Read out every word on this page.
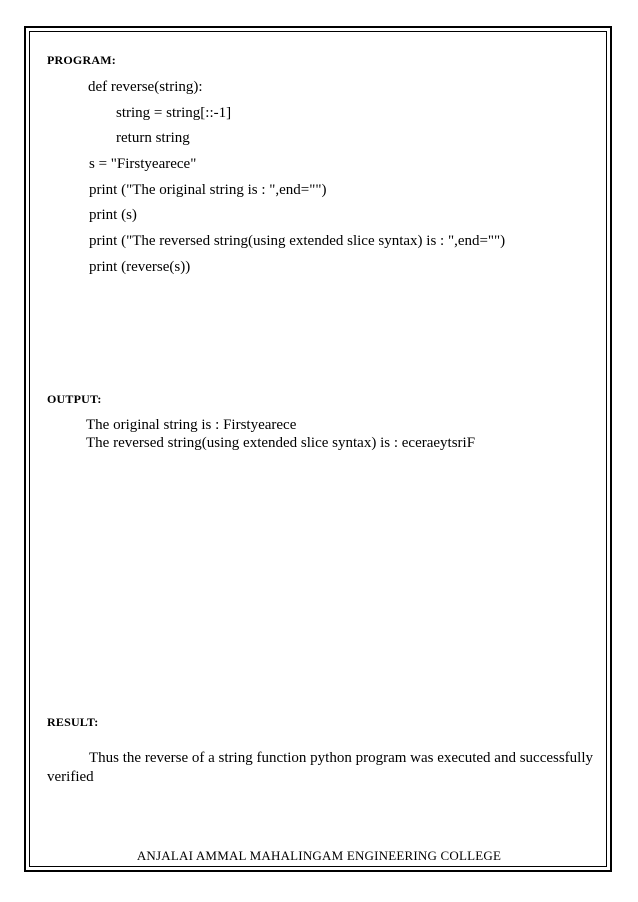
PROGRAM:
def reverse(string):
string = string[::-1]
return string
s = "Firstyearece"
print ("The original string is : ",end="")
print (s)
print ("The reversed string(using extended slice syntax) is : ",end="")
print (reverse(s))
OUTPUT:
The original string is : Firstyearece
The reversed string(using extended slice syntax) is : eceraeytsriF
RESULT:
Thus the reverse of a string function python program was executed and successfully verified
ANJALAI AMMAL MAHALINGAM ENGINEERING COLLEGE
